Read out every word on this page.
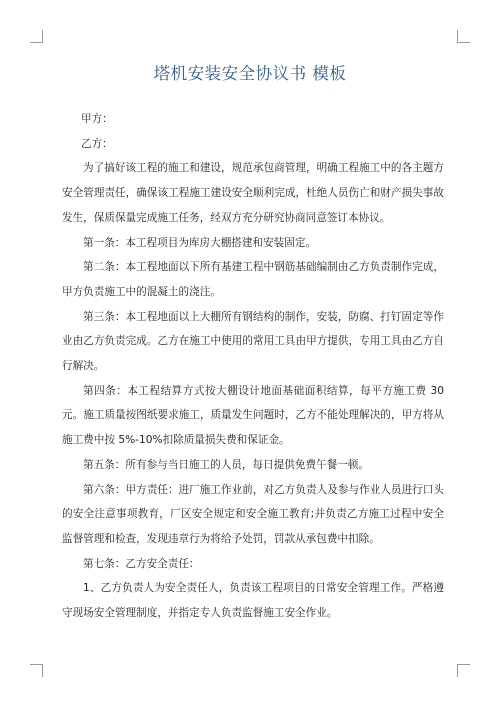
塔机安装安全协议书 模板

甲方：

乙方：

为了搞好该工程的施工和建设，规范承包商管理，明确工程施工中的各主题方安全管理责任，确保该工程施工建设安全顺利完成，杜绝人员伤亡和财产损失事故发生，保质保量完成施工任务，经双方充分研究协商同意签订本协议。

第一条：本工程项目为库房大棚搭建和安装固定。

第二条：本工程地面以下所有基建工程中钢筋基础编制由乙方负责制作完成，甲方负责施工中的混凝土的浇注。

第三条：本工程地面以上大棚所有钢结构的制作，安装，防腐、打钉固定等作业由乙方负责完成。乙方在施工中使用的常用工具由甲方提供，专用工具由乙方自行解决。

第四条：本工程结算方式按大棚设计地面基础面积结算，每平方施工费 30 元。施工质量按图纸要求施工，质量发生问题时，乙方不能处理解决的，甲方将从施工费中按 5%-10%扣除质量损失费和保证金。

第五条：所有参与当日施工的人员，每日提供免费午餐一顿。

第六条：甲方责任：进厂施工作业前，对乙方负责人及参与作业人员进行口头的安全注意事项教育，厂区安全规定和安全施工教育;并负责乙方施工过程中安全监督管理和检查，发现违章行为将给予处罚，罚款从承包费中扣除。

第七条：乙方安全责任：

1、乙方负责人为安全责任人，负责该工程项目的日常安全管理工作。严格遵守现场安全管理制度，并指定专人负责监督施工安全作业。
